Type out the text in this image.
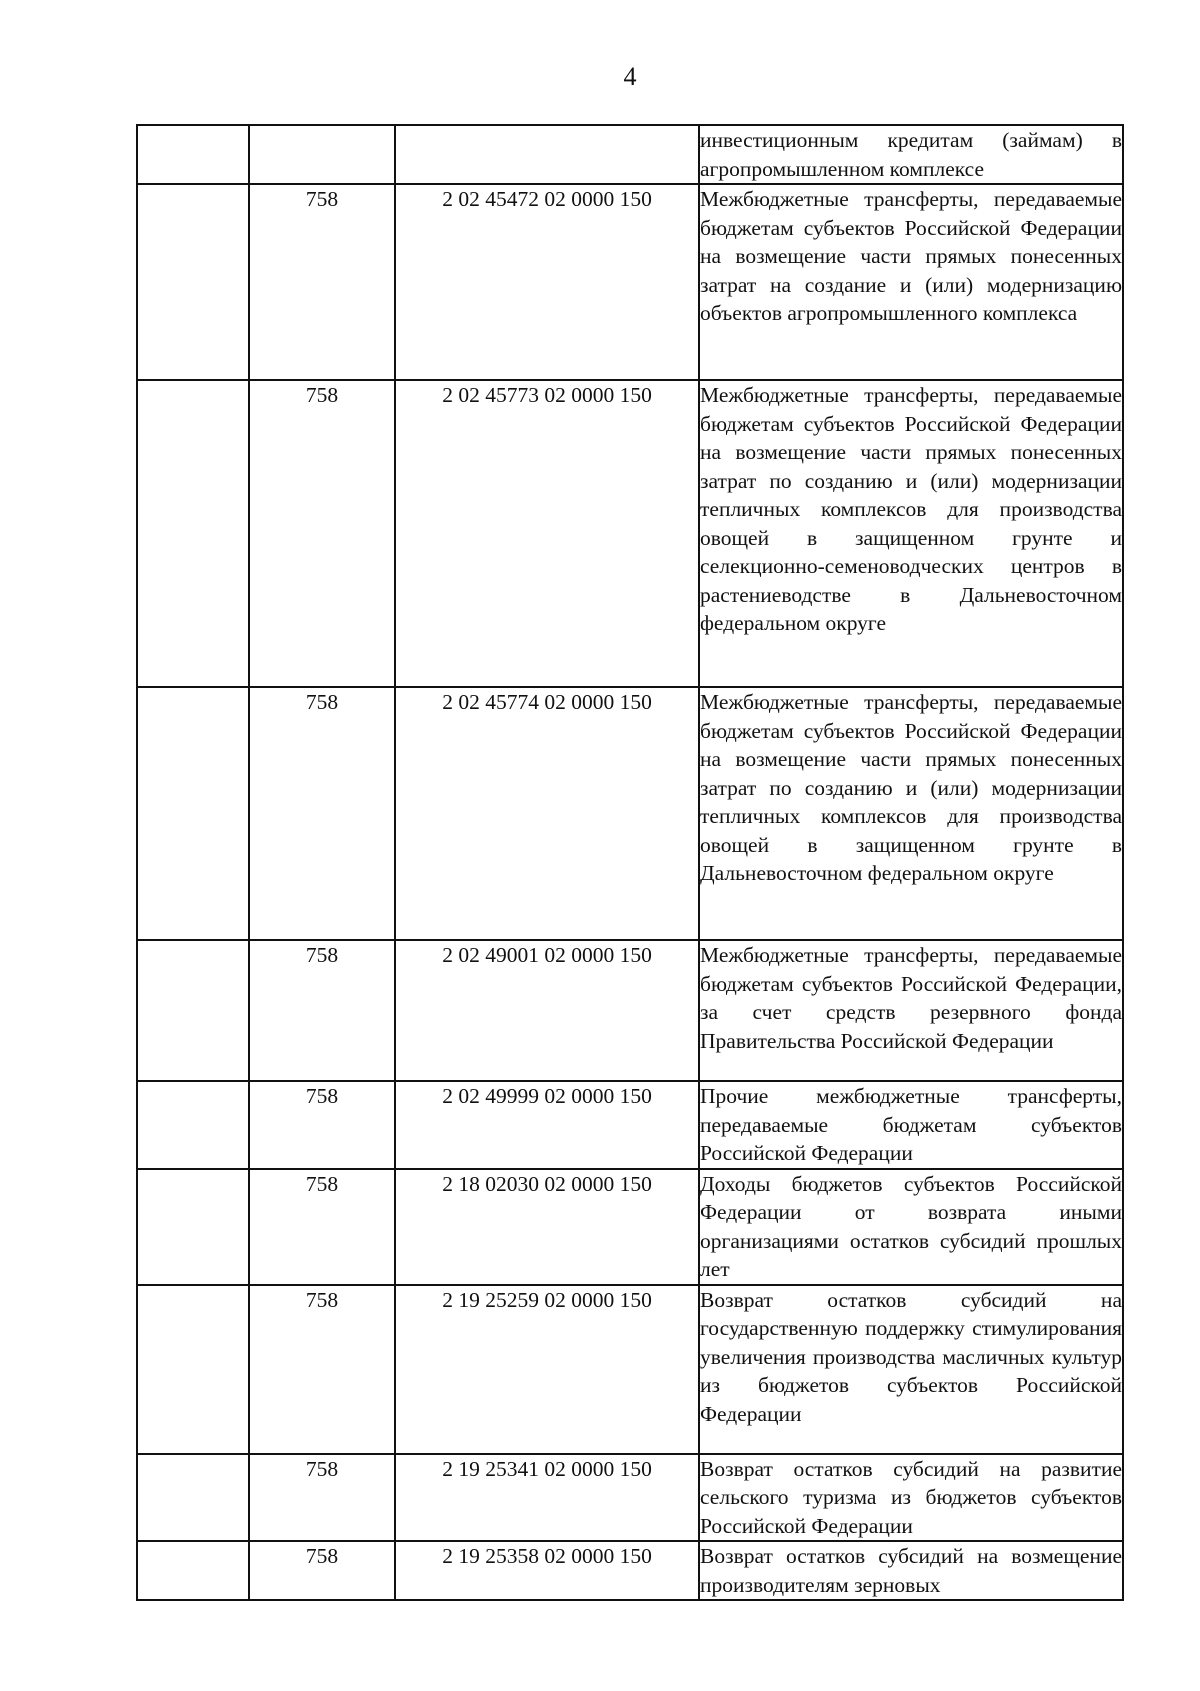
4
			инвестиционным кредитам (займам) в агропромышленном комплексе
	758	2 02 45472 02 0000 150	Межбюджетные трансферты, передаваемые бюджетам субъектов Российской Федерации на возмещение части прямых понесенных затрат на создание и (или) модернизацию объектов агропромышленного комплекса
	758	2 02 45773 02 0000 150	Межбюджетные трансферты, передаваемые бюджетам субъектов Российской Федерации на возмещение части прямых понесенных затрат по созданию и (или) модернизации тепличных комплексов для производства овощей в защищенном грунте и селекционно-семеноводческих центров в растениеводстве в Дальневосточном федеральном округе
	758	2 02 45774 02 0000 150	Межбюджетные трансферты, передаваемые бюджетам субъектов Российской Федерации на возмещение части прямых понесенных затрат по созданию и (или) модернизации тепличных комплексов для производства овощей в защищенном грунте в Дальневосточном федеральном округе
	758	2 02 49001 02 0000 150	Межбюджетные трансферты, передаваемые бюджетам субъектов Российской Федерации, за счет средств резервного фонда Правительства Российской Федерации
	758	2 02 49999 02 0000 150	Прочие межбюджетные трансферты, передаваемые бюджетам субъектов Российской Федерации
	758	2 18 02030 02 0000 150	Доходы бюджетов субъектов Российской Федерации от возврата иными организациями остатков субсидий прошлых лет
	758	2 19 25259 02 0000 150	Возврат остатков субсидий на государственную поддержку стимулирования увеличения производства масличных культур из бюджетов субъектов Российской Федерации
	758	2 19 25341 02 0000 150	Возврат остатков субсидий на развитие сельского туризма из бюджетов субъектов Российской Федерации
	758	2 19 25358 02 0000 150	Возврат остатков субсидий на возмещение производителям зерновых
